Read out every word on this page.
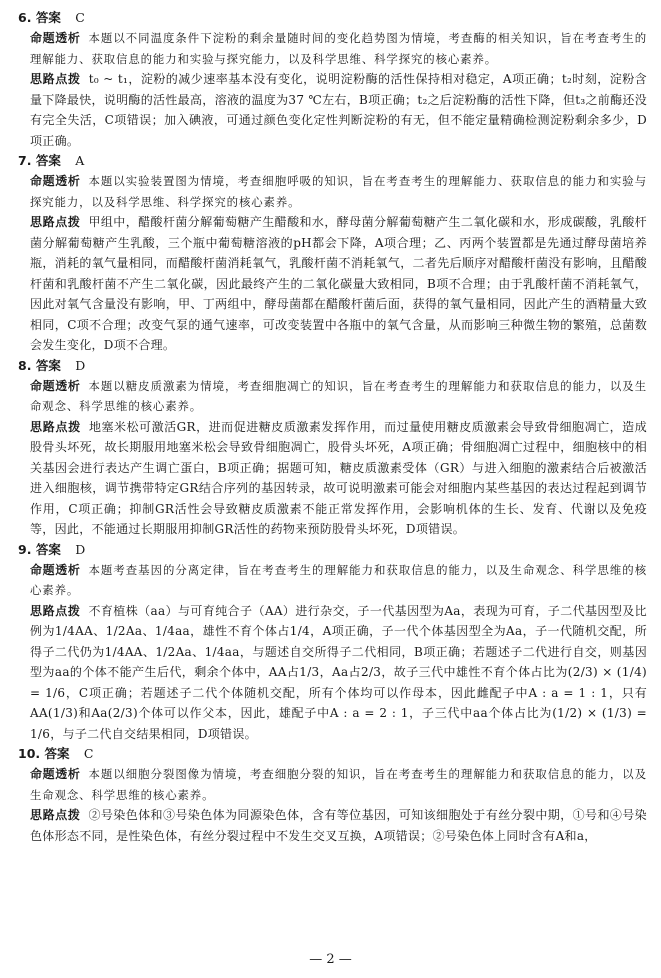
6. 答案 C

命题透析 本题以不同温度条件下淀粉的剩余量随时间的变化趋势图为情境，考查酶的相关知识，旨在考查考生的理解能力、获取信息的能力和实验与探究能力，以及科学思维、科学探究的核心素养。

思路点拨 t₀ ~ t₁，淀粉的减少速率基本没有变化，说明淀粉酶的活性保持相对稳定，A项正确；t₂时刻，淀粉含量下降最快，说明酶的活性最高，溶液的温度为37 ℃左右，B项正确；t₂之后淀粉酶的活性下降，但t₃之前酶还没有完全失活，C项错误；加入碘液，可通过颜色变化定性判断淀粉的有无，但不能定量精确检测淀粉剩余多少，D项正确。

7. 答案 A

命题透析 本题以实验装置图为情境，考查细胞呼吸的知识，旨在考查考生的理解能力、获取信息的能力和实验与探究能力，以及科学思维、科学探究的核心素养。

思路点拨 甲组中，醋酸杆菌分解葡萄糖产生醋酸和水，酵母菌分解葡萄糖产生二氧化碳和水，形成碳酸，乳酸杆菌分解葡萄糖产生乳酸，三个瓶中葡萄糖溶液的pH都会下降，A项合理；乙、丙两个装置都是先通过酵母菌培养瓶，消耗的氧气量相同，而醋酸杆菌消耗氧气，乳酸杆菌不消耗氧气，二者先后顺序对醋酸杆菌没有影响，且醋酸杆菌和乳酸杆菌不产生二氧化碳，因此最终产生的二氧化碳量大致相同，B项不合理；由于乳酸杆菌不消耗氧气，因此对氧气含量没有影响，甲、丁两组中，酵母菌都在醋酸杆菌后面，获得的氧气量相同，因此产生的酒精量大致相同，C项不合理；改变气泵的通气速率，可改变装置中各瓶中的氧气含量，从而影响三种微生物的繁殖，总菌数会发生变化，D项不合理。

8. 答案 D

命题透析 本题以糖皮质激素为情境，考查细胞凋亡的知识，旨在考查考生的理解能力和获取信息的能力，以及生命观念、科学思维的核心素养。

思路点拨 地塞米松可激活GR，进而促进糖皮质激素发挥作用，而过量使用糖皮质激素会导致骨细胞凋亡，造成股骨头坏死，故长期服用地塞米松会导致骨细胞凋亡，股骨头坏死，A项正确；骨细胞凋亡过程中，细胞核中的相关基因会进行表达产生调亡蛋白，B项正确；据题可知，糖皮质激素受体（GR）与进入细胞的激素结合后被激活进入细胞核，调节携带特定GR结合序列的基因转录，故可说明激素可能会对细胞内某些基因的表达过程起到调节作用，C项正确；抑制GR活性会导致糖皮质激素不能正常发挥作用，会影响机体的生长、发育、代谢以及免疫等，因此，不能通过长期服用抑制GR活性的药物来预防股骨头坏死，D项错误。

9. 答案 D

命题透析 本题考查基因的分离定律，旨在考查考生的理解能力和获取信息的能力，以及生命观念、科学思维的核心素养。

思路点拨 不育植株（aa）与可育纯合子（AA）进行杂交，子一代基因型为Aa，表现为可育，子二代基因型及比例为1/4AA、1/2Aa、1/4aa，雄性不育个体占1/4，A项正确，子一代个体基因型全为Aa，子一代随机交配，所得子二代仍为1/4AA、1/2Aa、1/4aa，与题述自交所得子二代相同，B项正确；若题述子二代进行自交，则基因型为aa的个体不能产生后代，剩余个体中，AA占1/3，Aa占2/3，故子三代中雄性不育个体占比为(2/3) × (1/4) = 1/6，C项正确；若题述子二代个体随机交配，所有个体均可以作母本，因此雌配子中A : a = 1 : 1，只有AA(1/3)和Aa(2/3)个体可以作父本，因此，雄配子中A : a = 2 : 1，子三代中aa个体占比为(1/2) × (1/3) = 1/6，与子二代自交结果相同，D项错误。

10. 答案 C

命题透析 本题以细胞分裂图像为情境，考查细胞分裂的知识，旨在考查考生的理解能力和获取信息的能力，以及生命观念、科学思维的核心素养。

思路点拨 ②号染色体和③号染色体为同源染色体，含有等位基因，可知该细胞处于有丝分裂中期，①号和④号染色体形态不同，是性染色体，有丝分裂过程中不发生交叉互换，A项错误；②号染色体上同时含有A和a，

— 2 —
